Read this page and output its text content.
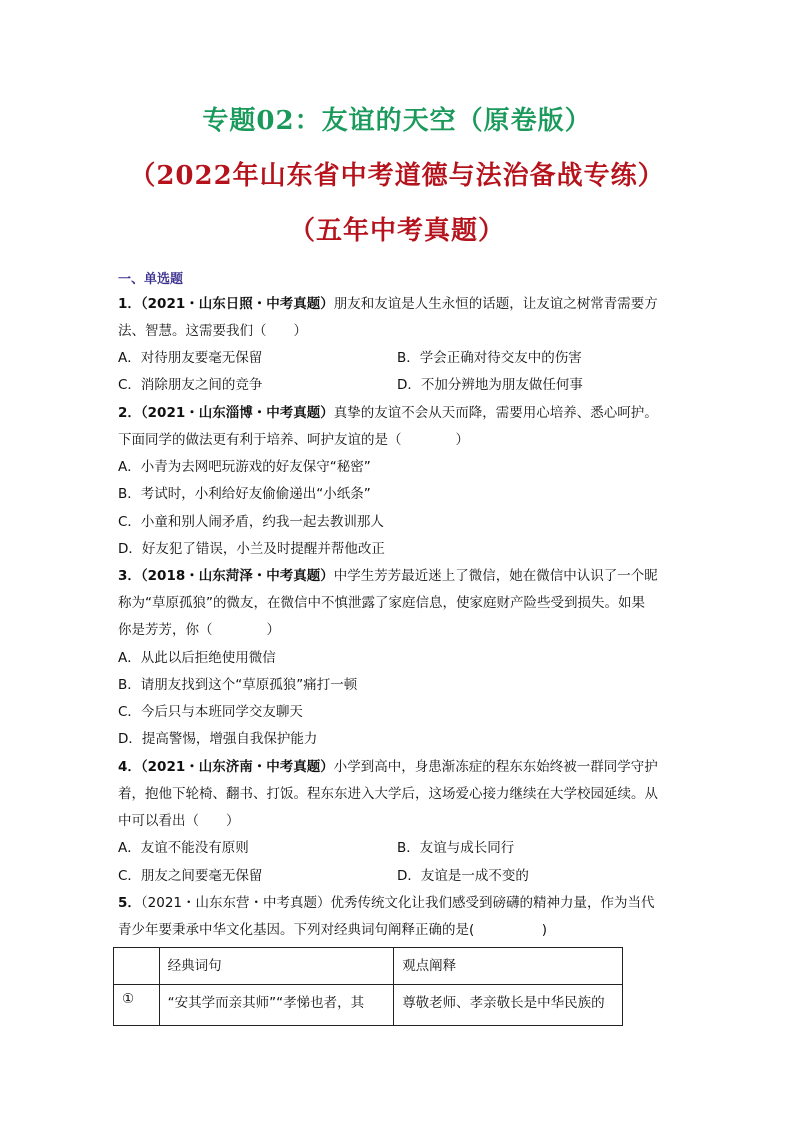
专题02：友谊的天空（原卷版）
（2022年山东省中考道德与法治备战专练）
（五年中考真题）
一、单选题
1．（2021・山东日照・中考真题）朋友和友谊是人生永恒的话题，让友谊之树常青需要方
法、智慧。这需要我们（　　）
A．对待朋友要毫无保留	B．学会正确对待交友中的伤害
C．消除朋友之间的竞争	D．不加分辨地为朋友做任何事
2．（2021・山东淄博・中考真题）真挚的友谊不会从天而降，需要用心培养、悉心呵护。
下面同学的做法更有利于培养、呵护友谊的是（　　　　）
A．小青为去网吧玩游戏的好友保守“秘密”
B．考试时，小利给好友偷偷递出“小纸条”
C．小童和别人闹矛盾，约我一起去教训那人
D．好友犯了错误，小兰及时提醒并帮他改正
3．（2018・山东菏泽・中考真题）中学生芳芳最近迷上了微信，她在微信中认识了一个昵
称为“草原孤狼”的微友，在微信中不慎泄露了家庭信息，使家庭财产险些受到损失。如果
你是芳芳，你（　　　　）
A．从此以后拒绝使用微信
B．请朋友找到这个“草原孤狼”痛打一顿
C．今后只与本班同学交友聊天
D．提高警惕，增强自我保护能力
4．（2021・山东济南・中考真题）小学到高中，身患渐冻症的程东东始终被一群同学守护
着，抱他下轮椅、翻书、打饭。程东东进入大学后，这场爱心接力继续在大学校园延续。从
中可以看出（　　）
A．友谊不能没有原则	B．友谊与成长同行
C．朋友之间要毫无保留	D．友谊是一成不变的
5．（2021・山东东营・中考真题）优秀传统文化让我们感受到磅礴的精神力量，作为当代
青少年要秉承中华文化基因。下列对经典词句阐释正确的是(　　　　　)
	经典词句	观点阐释
①	“安其学而亲其师”“孝悌也者，其	尊敬老师、孝亲敬长是中华民族的
